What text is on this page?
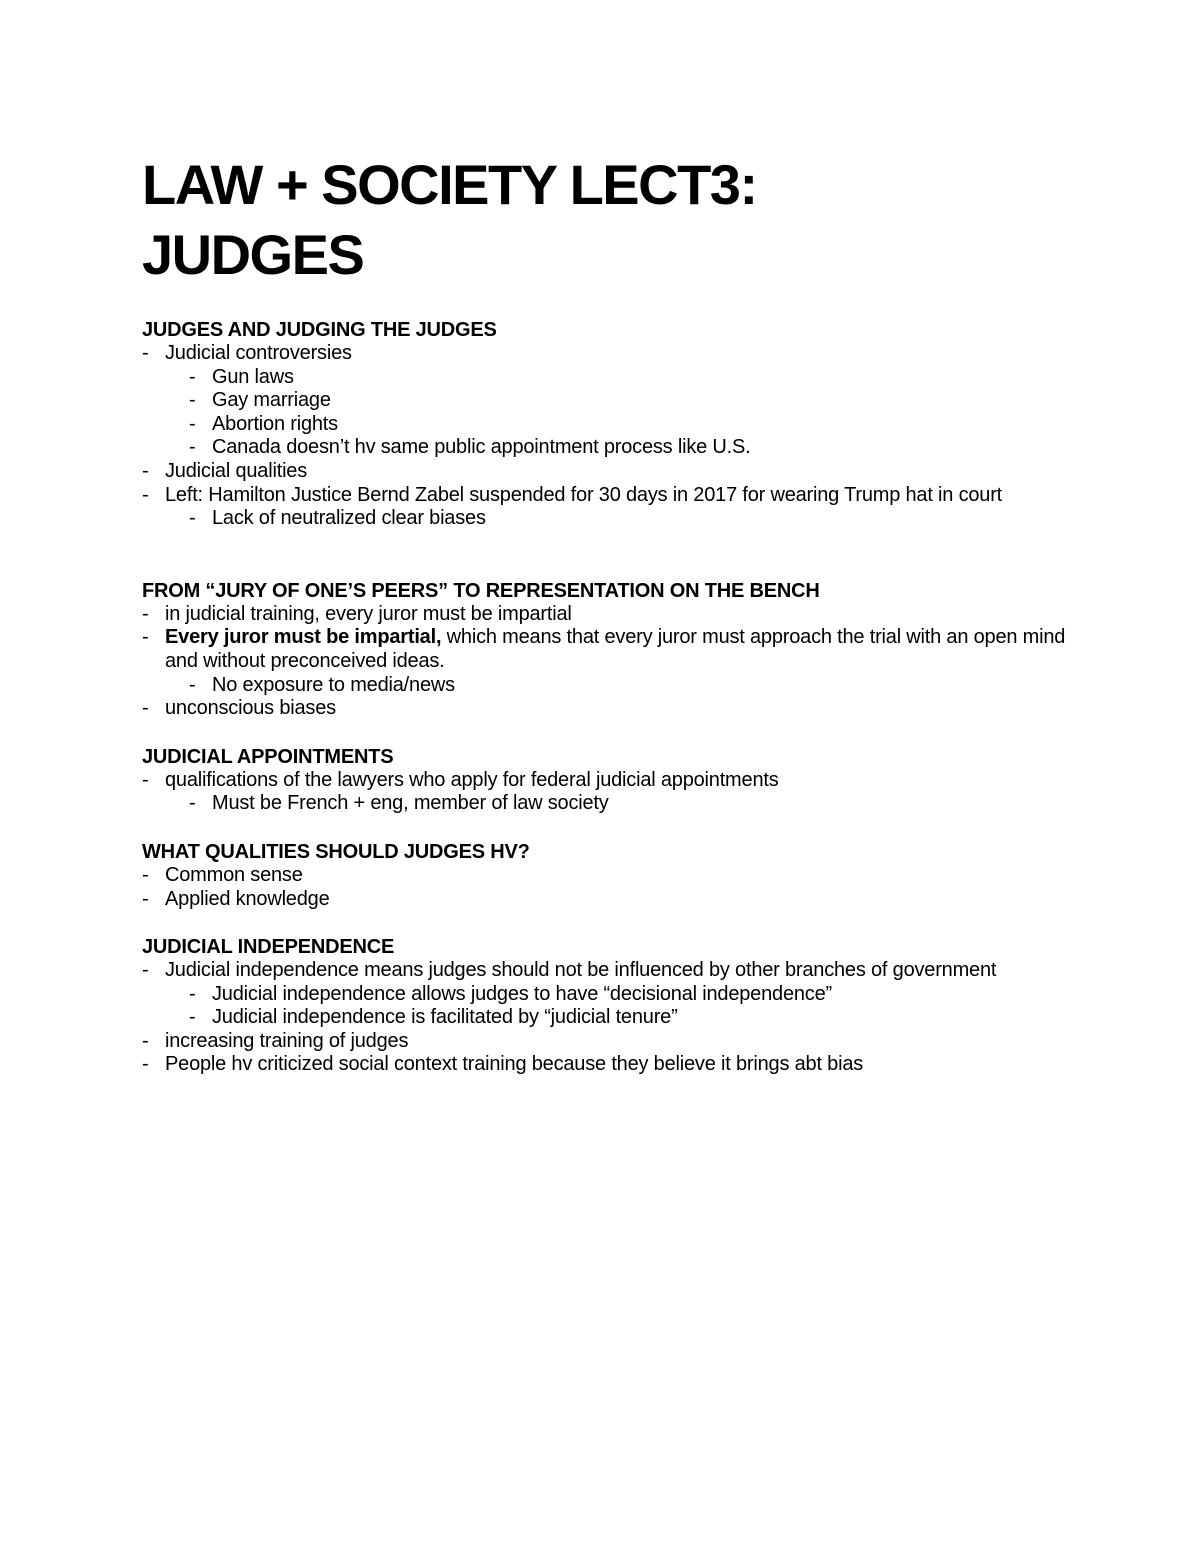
LAW + SOCIETY LECT3:
JUDGES
JUDGES AND JUDGING THE JUDGES
- Judicial controversies
- Gun laws
- Gay marriage
- Abortion rights
- Canada doesn’t hv same public appointment process like U.S.
- Judicial qualities
- Left: Hamilton Justice Bernd Zabel suspended for 30 days in 2017 for wearing Trump hat in court
- Lack of neutralized clear biases
FROM “JURY OF ONE’S PEERS” TO REPRESENTATION ON THE BENCH
- in judicial training, every juror must be impartial
- Every juror must be impartial, which means that every juror must approach the trial with an open mind and without preconceived ideas.
- No exposure to media/news
- unconscious biases
JUDICIAL APPOINTMENTS
- qualifications of the lawyers who apply for federal judicial appointments
- Must be French + eng, member of law society
WHAT QUALITIES SHOULD JUDGES HV?
- Common sense
- Applied knowledge
JUDICIAL INDEPENDENCE
- Judicial independence means judges should not be influenced by other branches of government
- Judicial independence allows judges to have “decisional independence”
- Judicial independence is facilitated by “judicial tenure”
- increasing training of judges
- People hv criticized social context training because they believe it brings abt bias
